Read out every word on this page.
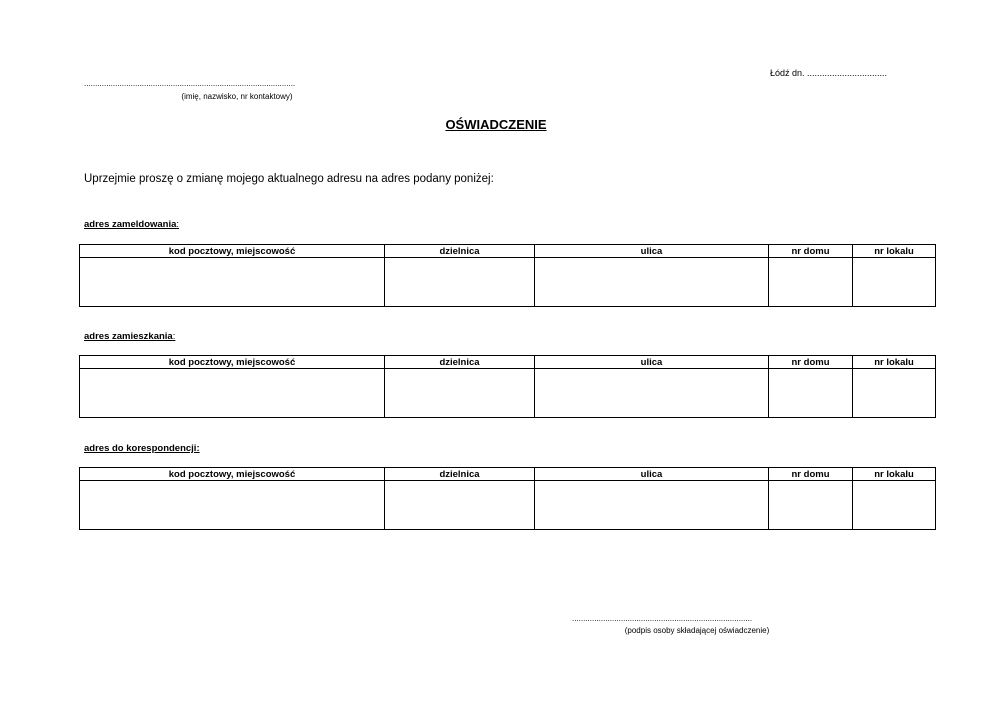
Łódź dn. ................................
...............................................................................................
(imię, nazwisko, nr kontaktowy)
OŚWIADCZENIE
Uprzejmie proszę o zmianę mojego aktualnego adresu na adres podany poniżej:
adres zameldowania:
kod pocztowy, miejscowość	dzielnica	ulica	nr domu	nr lokalu

adres zamieszkania:
kod pocztowy, miejscowość	dzielnica	ulica	nr domu	nr lokalu

adres do korespondencji:
kod pocztowy, miejscowość	dzielnica	ulica	nr domu	nr lokalu

.................................................................................
(podpis osoby składającej oświadczenie)
